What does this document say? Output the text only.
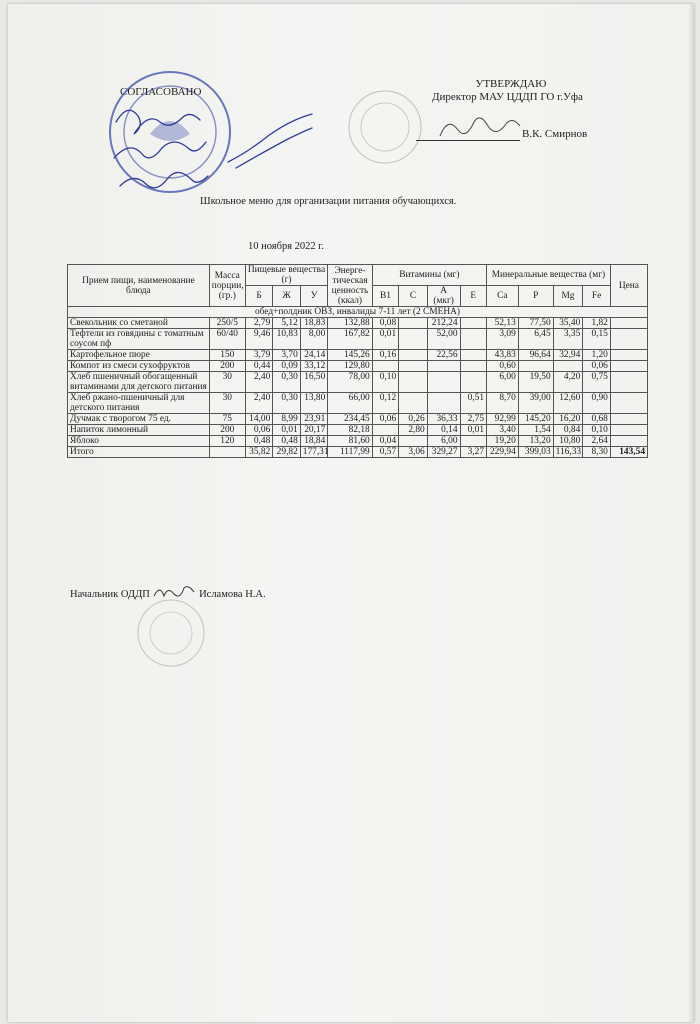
СОГЛАСОВАНО
УТВЕРЖДАЮ
Директор МАУ ЦДДП ГО г.Уфа
В.К. Смирнов
Школьное меню для организации питания обучающихся.
10 ноября 2022 г.
Прием пищи, наименование блюда	Масса порции, (гр.)	Пищевые вещества (г)			Энерге-тическая ценность (ккал)	Витамины (мг)				Минеральные вещества (мг)				Цена
		Б	Ж	У		В1	С	А (мкг)	Е	Ca	P	Mg	Fe	
обед+полдник ОВЗ, инвалиды 7-11 лет (2 СМЕНА)														
Свекольник со сметаной	250/5	2,79	5,12	18,83	132,88	0,08		212,24		52,13	77,50	35,40	1,82	
Тефтели из говядины с томатным соусом пф	60/40	9,46	10,83	8,00	167,82	0,01		52,00		3,09	6,45	3,35	0,15	
Картофельное пюре	150	3,79	3,70	24,14	145,26	0,16		22,56		43,83	96,64	32,94	1,20	
Компот из смеси сухофруктов	200	0,44	0,09	33,12	129,80					0,60			0,06	
Хлеб пшеничный обогащенный витаминами для детского питания	30	2,40	0,30	16,50	78,00	0,10				6,00	19,50	4,20	0,75	
Хлеб ржано-пшеничный для детского питания	30	2,40	0,30	13,80	66,00	0,12			0,51	8,70	39,00	12,60	0,90	
Дучмак с творогом 75 ед.	75	14,00	8,99	23,91	234,45	0,06	0,26	36,33	2,75	92,99	145,20	16,20	0,68	
Напиток лимонный	200	0,06	0,01	20,17	82,18		2,80	0,14	0,01	3,40	1,54	0,84	0,10	
Яблоко	120	0,48	0,48	18,84	81,60	0,04		6,00		19,20	13,20	10,80	2,64	
Итого		35,82	29,82	177,31	1117,99	0,57	3,06	329,27	3,27	229,94	399,03	116,33	8,30	143,54
Начальник ОДДП	Исламова Н.А.
